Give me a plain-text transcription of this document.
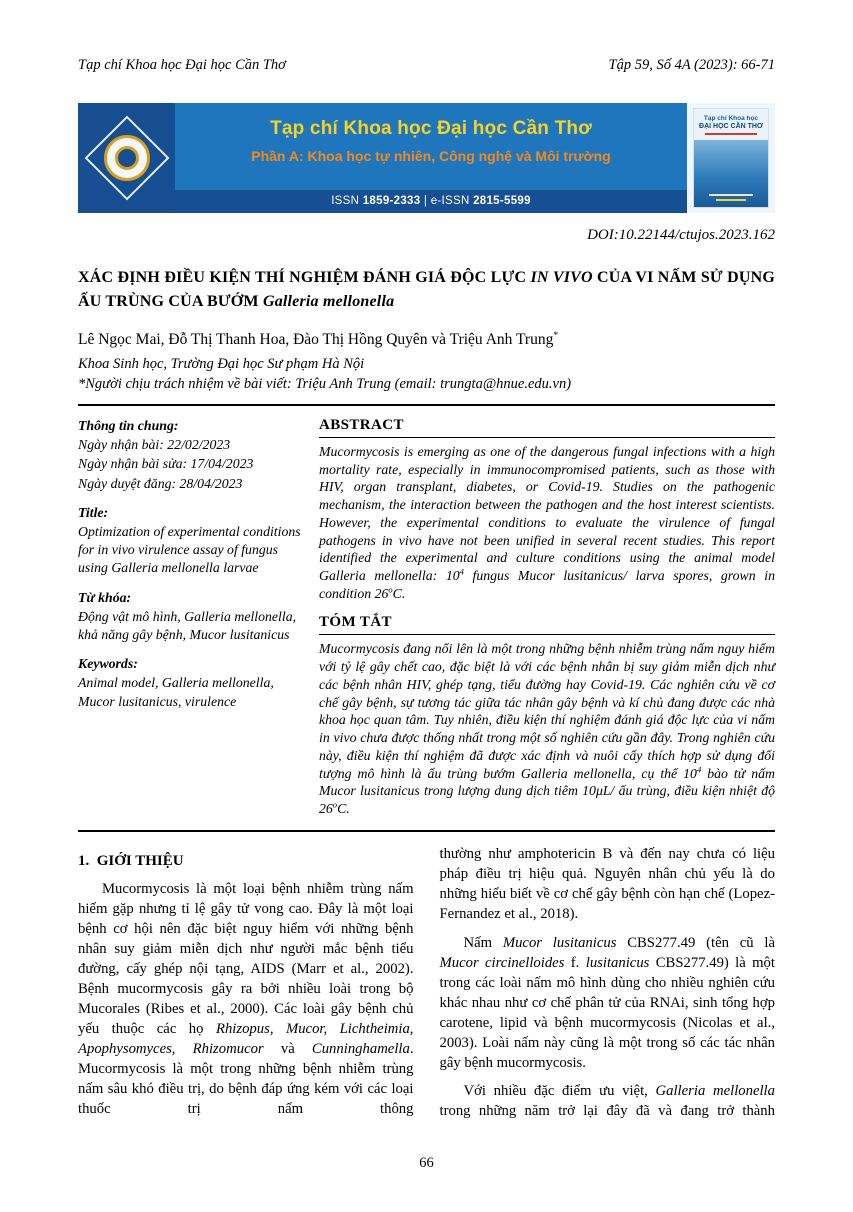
Tạp chí Khoa học Đại học Cần Thơ	Tập 59, Số 4A (2023): 66-71
Tạp chí Khoa học Đại học Cần Thơ
Phần A: Khoa học tự nhiên, Công nghệ và Môi trường
ISSN 1859-2333 | e-ISSN 2815-5599
Tạp chí Khoa học
ĐẠI HỌC CẦN THƠ
DOI:10.22144/ctujos.2023.162
XÁC ĐỊNH ĐIỀU KIỆN THÍ NGHIỆM ĐÁNH GIÁ ĐỘC LỰC IN VIVO CỦA VI NẤM SỬ DỤNG ẤU TRÙNG CỦA BƯỚM Galleria mellonella
Lê Ngọc Mai, Đỗ Thị Thanh Hoa, Đào Thị Hồng Quyên và Triệu Anh Trung*
Khoa Sinh học, Trường Đại học Sư phạm Hà Nội
*Người chịu trách nhiệm về bài viết: Triệu Anh Trung (email: trungta@hnue.edu.vn)
Thông tin chung:
Ngày nhận bài: 22/02/2023
Ngày nhận bài sửa: 17/04/2023
Ngày duyệt đăng: 28/04/2023
Title:
Optimization of experimental conditions for in vivo virulence assay of fungus using Galleria mellonella larvae
Từ khóa:
Động vật mô hình, Galleria mellonella, khả năng gây bệnh, Mucor lusitanicus
Keywords:
Animal model, Galleria mellonella, Mucor lusitanicus, virulence
ABSTRACT

Mucormycosis is emerging as one of the dangerous fungal infections with a high mortality rate, especially in immunocompromised patients, such as those with HIV, organ transplant, diabetes, or Covid-19. Studies on the pathogenic mechanism, the interaction between the pathogen and the host interest scientists. However, the experimental conditions to evaluate the virulence of fungal pathogens in vivo have not been unified in several recent studies. This report identified the experimental and culture conditions using the animal model Galleria mellonella: $10^4$ fungus Mucor lusitanicus/ larva spores, grown in condition 26$^o$C.

TÓM TẮT

Mucormycosis đang nổi lên là một trong những bệnh nhiễm trùng nấm nguy hiểm với tỷ lệ gây chết cao, đặc biệt là với các bệnh nhân bị suy giảm miễn dịch như các bệnh nhân HIV, ghép tạng, tiểu đường hay Covid-19. Các nghiên cứu về cơ chế gây bệnh, sự tương tác giữa tác nhân gây bệnh và kí chủ đang được các nhà khoa học quan tâm. Tuy nhiên, điều kiện thí nghiệm đánh giá độc lực của vi nấm in vivo chưa được thống nhất trong một số nghiên cứu gần đây. Trong nghiên cứu này, điều kiện thí nghiệm đã được xác định và nuôi cấy thích hợp sử dụng đối tượng mô hình là ấu trùng bướm Galleria mellonella, cụ thể $10^4$ bào tử nấm Mucor lusitanicus trong lượng dung dịch tiêm 10μL/ ấu trùng, điều kiện nhiệt độ 26$^o$C.

1.  GIỚI THIỆU

Mucormycosis là một loại bệnh nhiễm trùng nấm hiếm gặp nhưng tỉ lệ gây tử vong cao. Đây là một loại bệnh cơ hội nên đặc biệt nguy hiểm với những bệnh nhân suy giảm miễn dịch như người mắc bệnh tiểu đường, cấy ghép nội tạng, AIDS (Marr et al., 2002). Bệnh mucormycosis gây ra bởi nhiều loài trong bộ Mucorales (Ribes et al., 2000). Các loài gây bệnh chủ yếu thuộc các họ Rhizopus, Mucor, Lichtheimia, Apophysomyces, Rhizomucor và Cunninghamella. Mucormycosis là một trong những bệnh nhiễm trùng nấm sâu khó điều trị, do bệnh đáp ứng kém với các loại thuốc trị nấm thông

thường như amphotericin B và đến nay chưa có liệu pháp điều trị hiệu quả. Nguyên nhân chủ yếu là do những hiểu biết về cơ chế gây bệnh còn hạn chế (Lopez-Fernandez et al., 2018).

Nấm Mucor lusitanicus CBS277.49 (tên cũ là Mucor circinelloides f. lusitanicus CBS277.49) là một trong các loài nấm mô hình dùng cho nhiều nghiên cứu khác nhau như cơ chế phân tử của RNAi, sinh tổng hợp carotene, lipid và bệnh mucormycosis (Nicolas et al., 2003). Loài nấm này cũng là một trong số các tác nhân gây bệnh mucormycosis.

Với nhiều đặc điểm ưu việt, Galleria mellonella trong những năm trở lại đây đã và đang trở thành

66
